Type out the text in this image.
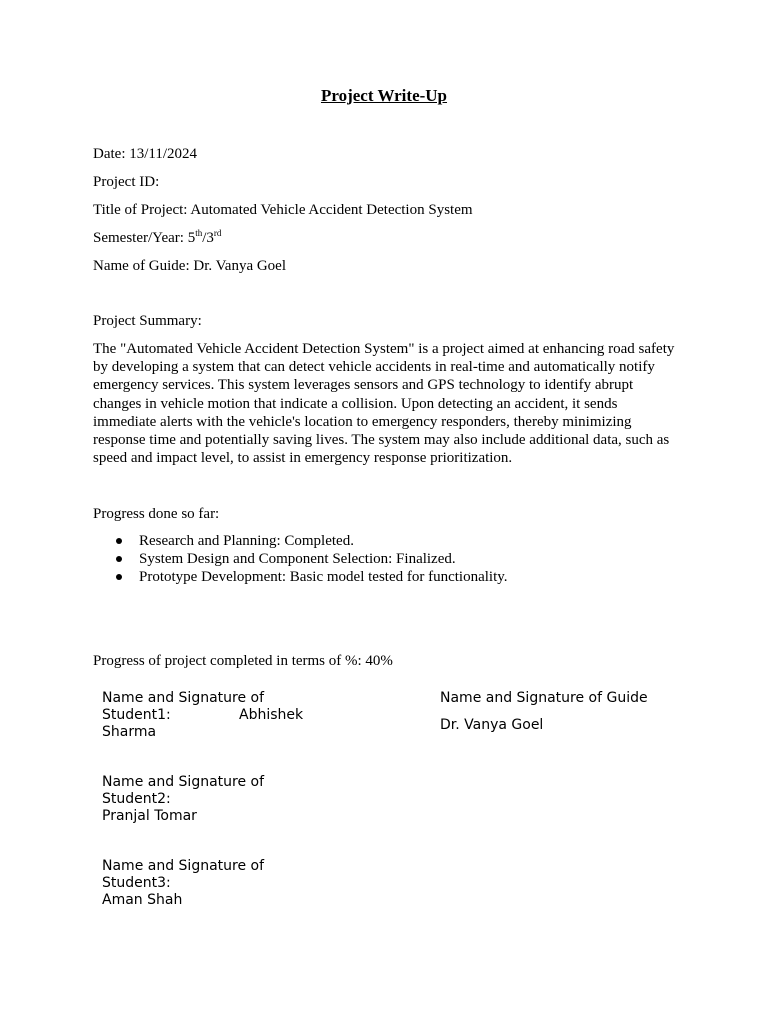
Project Write-Up
Date: 13/11/2024
Project ID:
Title of Project: Automated Vehicle Accident Detection System
Semester/Year: 5th/3rd
Name of Guide: Dr. Vanya Goel
Project Summary:
The "Automated Vehicle Accident Detection System" is a project aimed at enhancing road safety by developing a system that can detect vehicle accidents in real-time and automatically notify emergency services. This system leverages sensors and GPS technology to identify abrupt changes in vehicle motion that indicate a collision. Upon detecting an accident, it sends immediate alerts with the vehicle's location to emergency responders, thereby minimizing response time and potentially saving lives. The system may also include additional data, such as speed and impact level, to assist in emergency response prioritization.
Progress done so far:
Research and Planning: Completed.
System Design and Component Selection: Finalized.
Prototype Development: Basic model tested for functionality.
Progress of project completed in terms of %: 40%
Name and Signature of
Student1:	Abhishek
Sharma
Name and Signature of Guide
Dr. Vanya Goel
Name and Signature of
Student2:
Pranjal Tomar
Name and Signature of
Student3:
Aman Shah
